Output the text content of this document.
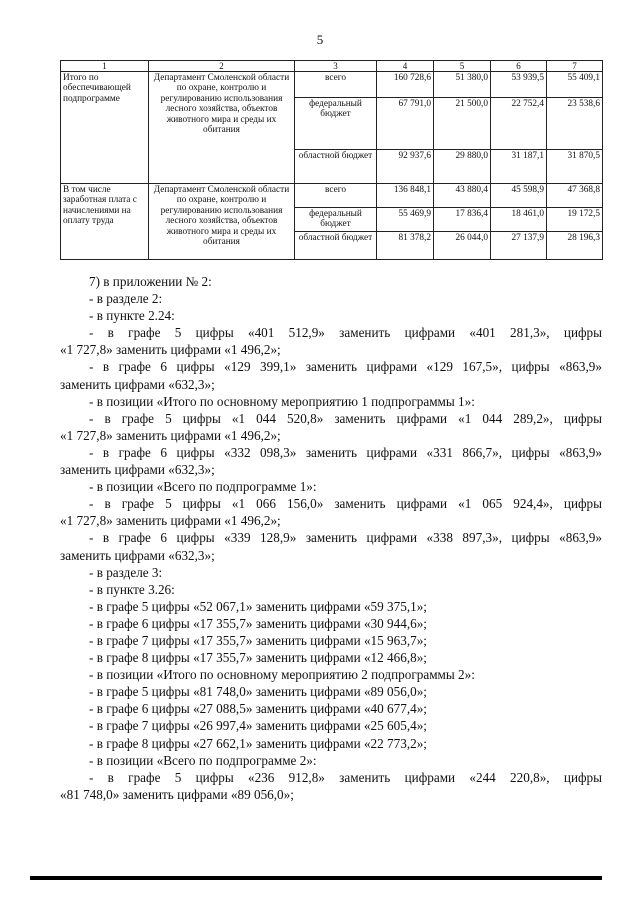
5
1	2	3	4	5	6	7
Итого по обеспечивающей подпрограмме	Департамент Смоленской области по охране, контролю и регулированию использования лесного хозяйства, объектов животного мира и среды их обитания	всего	160 728,6	51 380,0	53 939,5	55 409,1
		федеральный бюджет	67 791,0	21 500,0	22 752,4	23 538,6
		областной бюджет	92 937,6	29 880,0	31 187,1	31 870,5
В том числе заработная плата с начислениями на оплату труда	Департамент Смоленской области по охране, контролю и регулированию использования лесного хозяйства, объектов животного мира и среды их обитания	всего	136 848,1	43 880,4	45 598,9	47 368,8
		федеральный бюджет	55 469,9	17 836,4	18 461,0	19 172,5
		областной бюджет	81 378,2	26 044,0	27 137,9	28 196,3
7) в приложении № 2:
- в разделе 2:
- в пункте 2.24:
- в графе 5 цифры «401 512,9» заменить цифрами «401 281,3», цифры
«1 727,8» заменить цифрами «1 496,2»;
- в графе 6 цифры «129 399,1» заменить цифрами «129 167,5», цифры «863,9»
заменить цифрами «632,3»;
- в позиции «Итого по основному мероприятию 1 подпрограммы 1»:
- в графе 5 цифры «1 044 520,8» заменить цифрами «1 044 289,2», цифры
«1 727,8» заменить цифрами «1 496,2»;
- в графе 6 цифры «332 098,3» заменить цифрами «331 866,7», цифры «863,9»
заменить цифрами «632,3»;
- в позиции «Всего по подпрограмме 1»:
- в графе 5 цифры «1 066 156,0» заменить цифрами «1 065 924,4», цифры
«1 727,8» заменить цифрами «1 496,2»;
- в графе 6 цифры «339 128,9» заменить цифрами «338 897,3», цифры «863,9»
заменить цифрами «632,3»;
- в разделе 3:
- в пункте 3.26:
- в графе 5 цифры «52 067,1» заменить цифрами «59 375,1»;
- в графе 6 цифры «17 355,7» заменить цифрами «30 944,6»;
- в графе 7 цифры «17 355,7» заменить цифрами «15 963,7»;
- в графе 8 цифры «17 355,7» заменить цифрами «12 466,8»;
- в позиции «Итого по основному мероприятию 2 подпрограммы 2»:
- в графе 5 цифры «81 748,0» заменить цифрами «89 056,0»;
- в графе 6 цифры «27 088,5» заменить цифрами «40 677,4»;
- в графе 7 цифры «26 997,4» заменить цифрами «25 605,4»;
- в графе 8 цифры «27 662,1» заменить цифрами «22 773,2»;
- в позиции «Всего по подпрограмме 2»:
- в графе 5 цифры «236 912,8» заменить цифрами «244 220,8», цифры
«81 748,0» заменить цифрами «89 056,0»;
